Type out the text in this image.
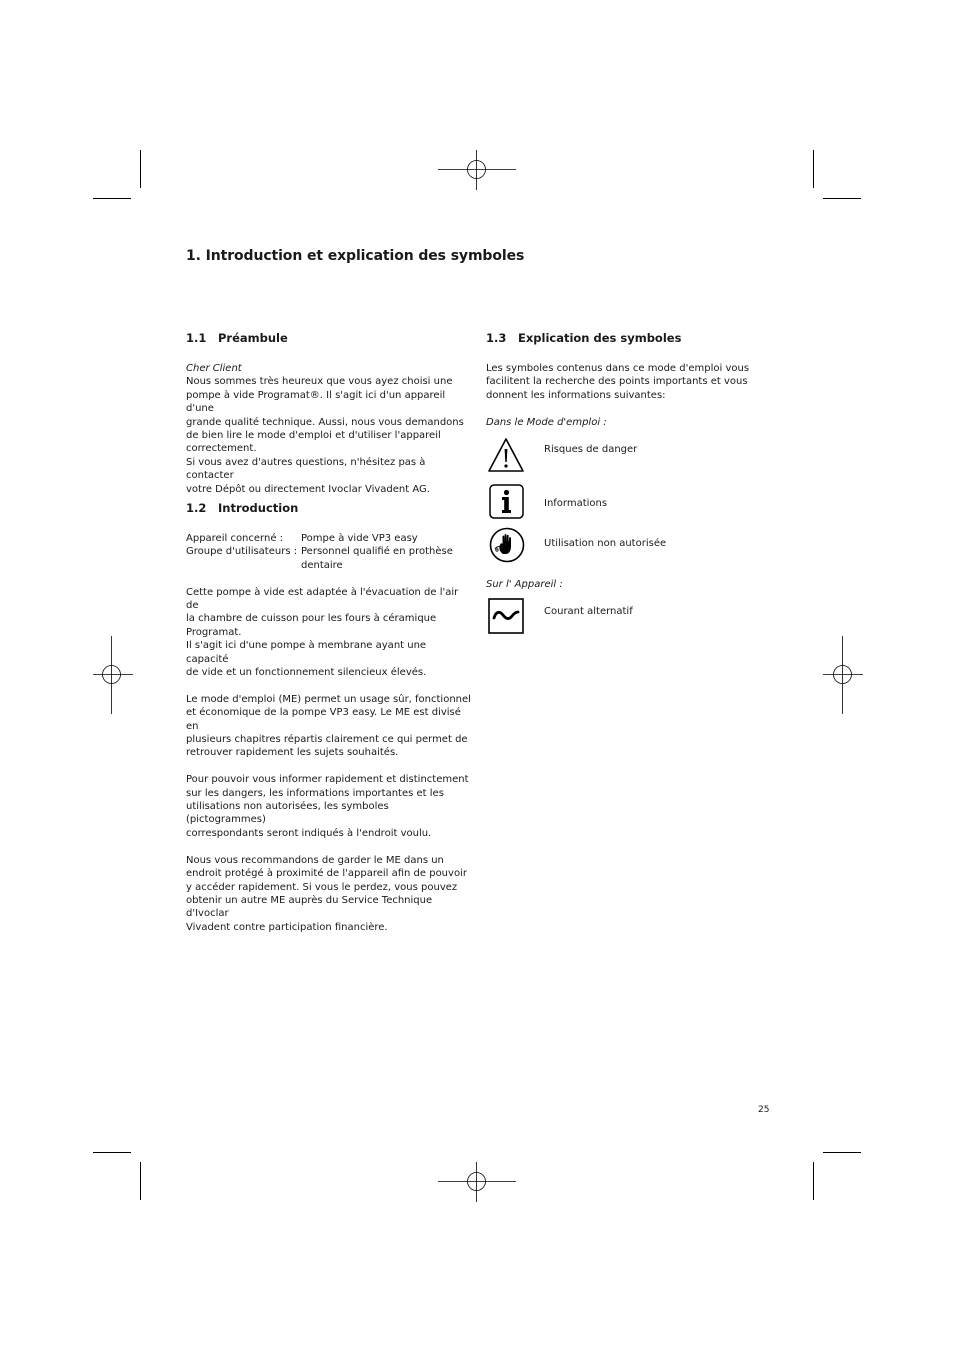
1. Introduction et explication des symboles
1.1 Préambule

Cher Client

Nous sommes très heureux que vous ayez choisi une
pompe à vide Programat®. Il s'agit ici d'un appareil d'une
grande qualité technique. Aussi, nous vous demandons
de bien lire le mode d'emploi et d'utiliser l'appareil
correctement.
Si vous avez d'autres questions, n'hésitez pas à contacter
votre Dépôt ou directement Ivoclar Vivadent AG.

1.2 Introduction
Appareil concerné :	Pompe à vide VP3 easy
Groupe d'utilisateurs : Personnel qualifié en prothèse
dentaire

Cette pompe à vide est adaptée à l'évacuation de l'air de
la chambre de cuisson pour les fours à céramique
Programat.
Il s'agit ici d'une pompe à membrane ayant une capacité
de vide et un fonctionnement silencieux élevés.

Le mode d'emploi (ME) permet un usage sûr, fonctionnel
et économique de la pompe VP3 easy. Le ME est divisé en
plusieurs chapitres répartis clairement ce qui permet de
retrouver rapidement les sujets souhaités.

Pour pouvoir vous informer rapidement et distinctement
sur les dangers, les informations importantes et les
utilisations non autorisées, les symboles (pictogrammes)
correspondants seront indiqués à l'endroit voulu.

Nous vous recommandons de garder le ME dans un
endroit protégé à proximité de l'appareil afin de pouvoir
y accéder rapidement. Si vous le perdez, vous pouvez
obtenir un autre ME auprès du Service Technique d'Ivoclar
Vivadent contre participation financière.

1.3 Explication des symboles

Les symboles contenus dans ce mode d'emploi vous
facilitent la recherche des points importants et vous
donnent les informations suivantes:

Dans le Mode d'emploi :

Risques de danger
Informations
Utilisation non autorisée
Sur l' Appareil :
Courant alternatif
25
